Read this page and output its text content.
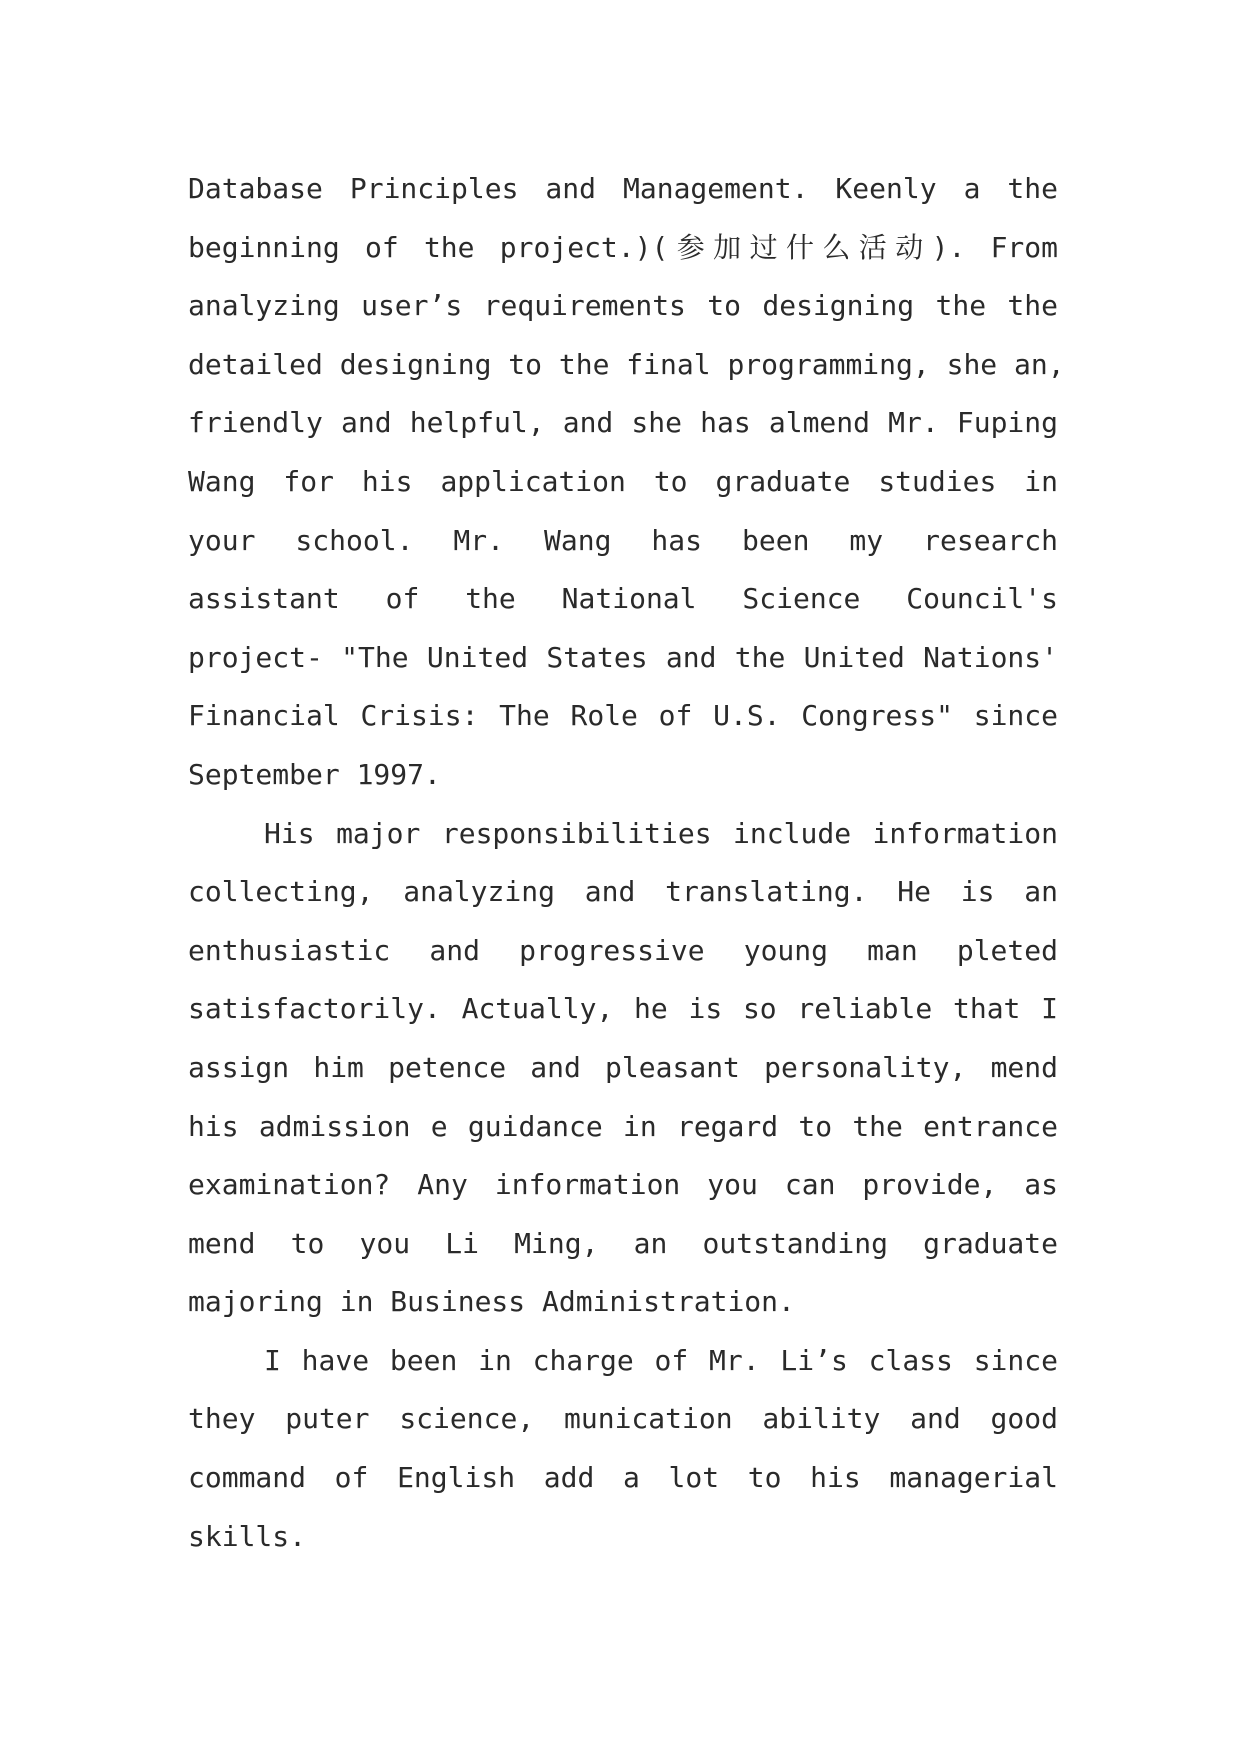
Database Principles and Management. Keenly a the
beginning of the project.)(参加过什么活动). From
analyzing user’s requirements to designing the the
detailed designing to the final programming, she an,
friendly and helpful, and she has almend Mr. Fuping
Wang for his application to graduate studies in
your school. Mr. Wang has been my research
assistant of the National Science Council's
project- "The United States and the United Nations'
Financial Crisis: The Role of U.S. Congress" since
September 1997.
His major responsibilities include information
collecting, analyzing and translating. He is an
enthusiastic and progressive young man pleted
satisfactorily. Actually, he is so reliable that I
assign him petence and pleasant personality, mend
his admission e guidance in regard to the entrance
examination? Any information you can provide, as
mend to you Li Ming, an outstanding graduate
majoring in Business Administration.
I have been in charge of Mr. Li’s class since
they puter science, munication ability and good
command of English add a lot to his managerial
skills.
